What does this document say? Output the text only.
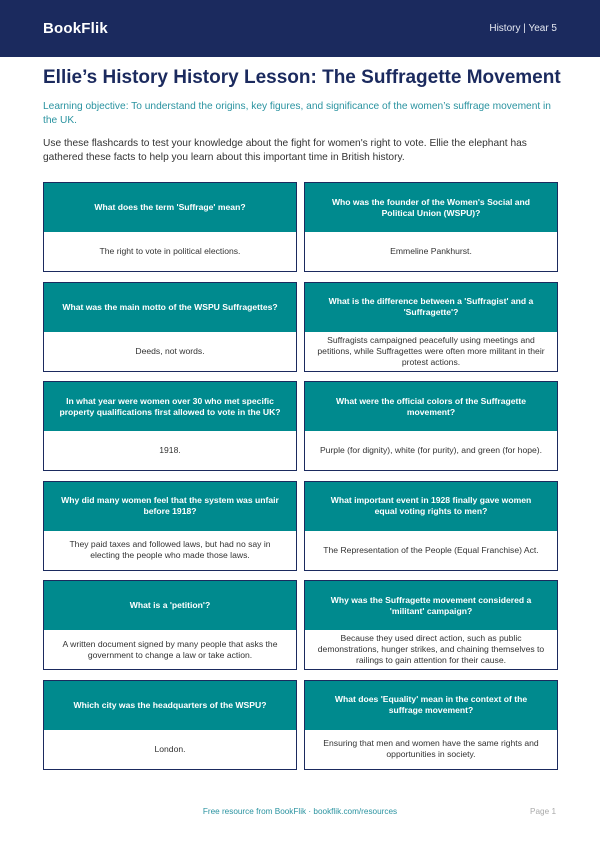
BookFlik	History | Year 5
Ellie’s History History Lesson: The Suffragette Movement

Learning objective: To understand the origins, key figures, and significance of the women’s suffrage movement in the UK.

Use these flashcards to test your knowledge about the fight for women's right to vote. Ellie the elephant has gathered these facts to help you learn about this important time in British history.

What does the term 'Suffrage' mean?
The right to vote in political elections.
Who was the founder of the Women's Social and Political Union (WSPU)?
Emmeline Pankhurst.
What was the main motto of the WSPU Suffragettes?
Deeds, not words.
What is the difference between a 'Suffragist' and a 'Suffragette'?
Suffragists campaigned peacefully using meetings and petitions, while Suffragettes were often more militant in their protest actions.
In what year were women over 30 who met specific property qualifications first allowed to vote in the UK?
1918.
What were the official colors of the Suffragette movement?
Purple (for dignity), white (for purity), and green (for hope).
Why did many women feel that the system was unfair before 1918?
They paid taxes and followed laws, but had no say in electing the people who made those laws.
What important event in 1928 finally gave women equal voting rights to men?
The Representation of the People (Equal Franchise) Act.
What is a 'petition'?
A written document signed by many people that asks the government to change a law or take action.
Why was the Suffragette movement considered a 'militant' campaign?
Because they used direct action, such as public demonstrations, hunger strikes, and chaining themselves to railings to gain attention for their cause.
Which city was the headquarters of the WSPU?
London.
What does 'Equality' mean in the context of the suffrage movement?
Ensuring that men and women have the same rights and opportunities in society.
Free resource from BookFlik · bookflik.com/resources	Page 1
